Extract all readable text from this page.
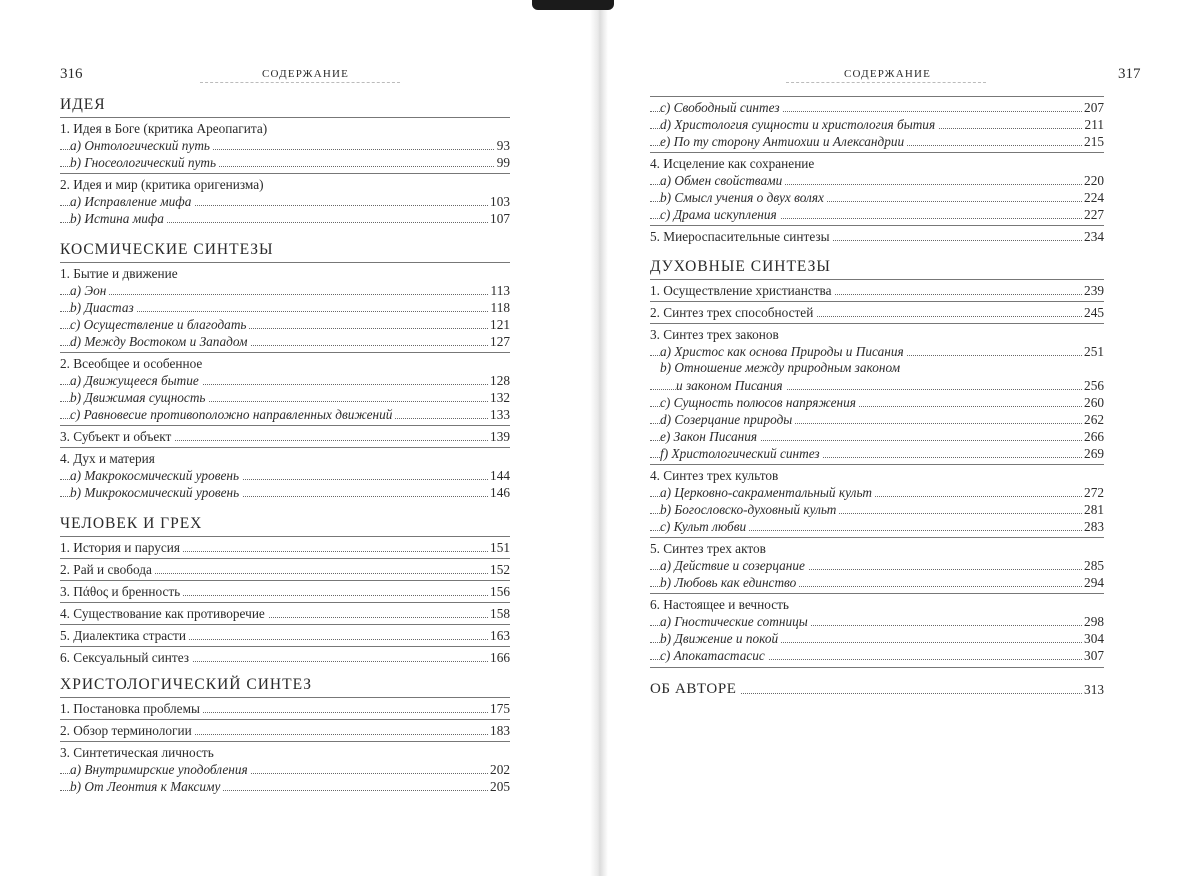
316	СОДЕРЖАНИЕ
ИДЕЯ
1. Идея в Боге (критика Ареопагита)
a) Онтологический путь	93
b) Гносеологический путь	99
2. Идея и мир (критика оригенизма)
a) Исправление мифа	103
b) Истина мифа	107
КОСМИЧЕСКИЕ СИНТЕЗЫ
1. Бытие и движение
a) Эон	113
b) Диастаз	118
c) Осуществление и благодать	121
d) Между Востоком и Западом	127
2. Всеобщее и особенное
a) Движущееся бытие	128
b) Движимая сущность	132
c) Равновесие противоположно направленных движений	133
3. Субъект и объект	139
4. Дух и материя
a) Макрокосмический уровень	144
b) Микрокосмический уровень	146
ЧЕЛОВЕК И ГРЕХ
1. История и парусия	151
2. Рай и свобода	152
3. Πάθος и бренность	156
4. Существование как противоречие	158
5. Диалектика страсти	163
6. Сексуальный синтез	166
ХРИСТОЛОГИЧЕСКИЙ СИНТЕЗ
1. Постановка проблемы	175
2. Обзор терминологии	183
3. Синтетическая личность
a) Внутримирские уподобления	202
b) От Леонтия к Максиму	205
СОДЕРЖАНИЕ	317
c) Свободный синтез	207
d) Христология сущности и христология бытия	211
e) По ту сторону Антиохии и Александрии	215
4. Исцеление как сохранение
a) Обмен свойствами	220
b) Смысл учения о двух волях	224
c) Драма искупления	227
5. Миероспасительные синтезы	234
ДУХОВНЫЕ СИНТЕЗЫ
1. Осуществление христианства	239
2. Синтез трех способностей	245
3. Синтез трех законов
a) Христос как основа Природы и Писания	251
b) Отношение между природным законом
и законом Писания	256
c) Сущность полюсов напряжения	260
d) Созерцание природы	262
e) Закон Писания	266
f) Христологический синтез	269
4. Синтез трех культов
a) Церковно-сакраментальный культ	272
b) Богословско-духовный культ	281
c) Культ любви	283
5. Синтез трех актов
a) Действие и созерцание	285
b) Любовь как единство	294
6. Настоящее и вечность
a) Гностические сотницы	298
b) Движение и покой	304
c) Апокатастасис	307
ОБ АВТОРЕ	313
